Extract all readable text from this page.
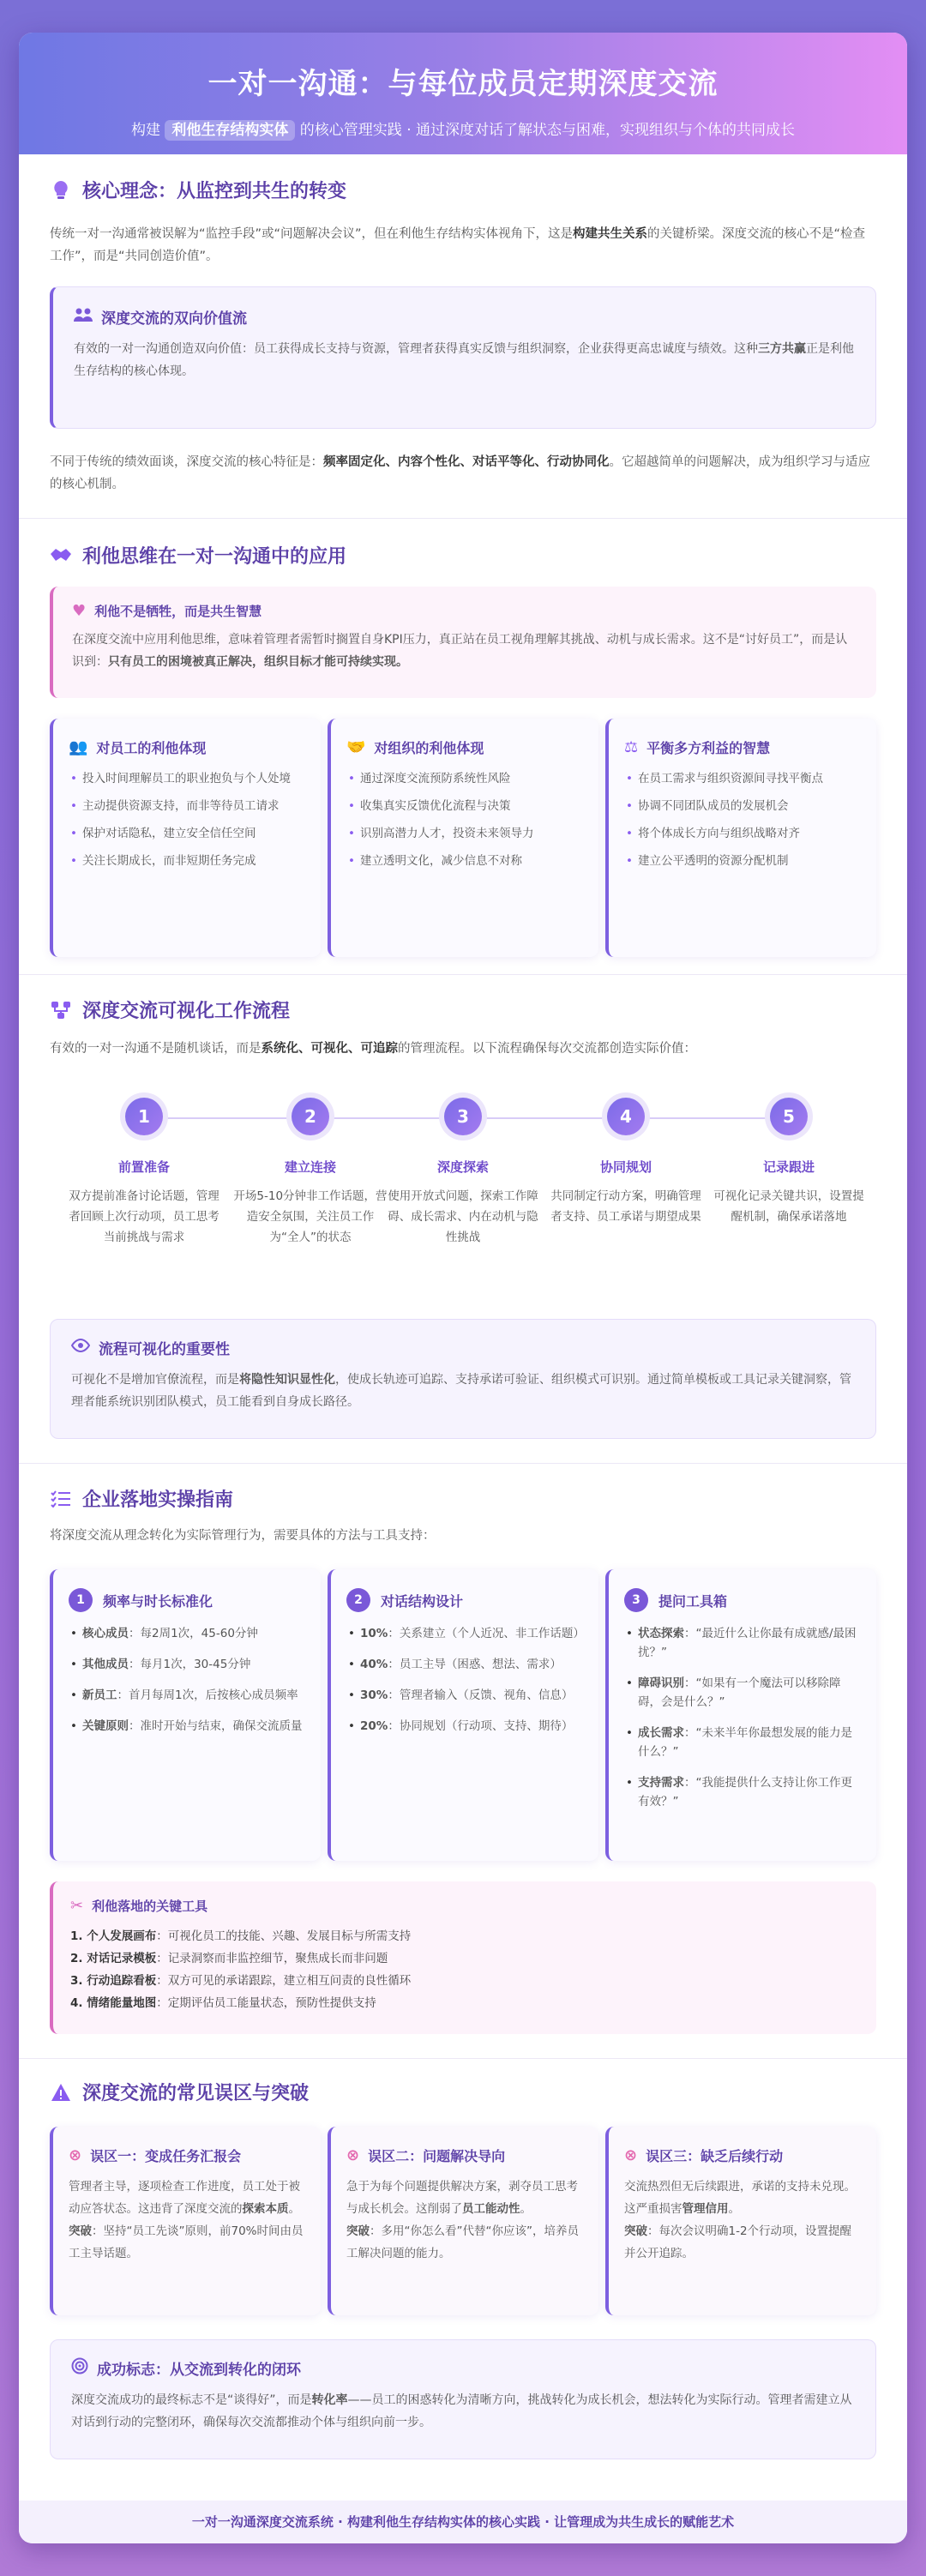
一对一沟通：与每位成员定期深度交流
构建 利他生存结构实体 的核心管理实践 · 通过深度对话了解状态与困难，实现组织与个体的共同成长
核心理念：从监控到共生的转变
传统一对一沟通常被误解为“监控手段”或“问题解决会议”，但在利他生存结构实体视角下，这是构建共生关系的关键桥梁。深度交流的核心不是“检查工作”，而是“共同创造价值”。
深度交流的双向价值流
有效的一对一沟通创造双向价值：员工获得成长支持与资源，管理者获得真实反馈与组织洞察，企业获得更高忠诚度与绩效。这种三方共赢正是利他生存结构的核心体现。
不同于传统的绩效面谈，深度交流的核心特征是：频率固定化、内容个性化、对话平等化、行动协同化。它超越简单的问题解决，成为组织学习与适应的核心机制。
利他思维在一对一沟通中的应用
♥ 利他不是牺牲，而是共生智慧
在深度交流中应用利他思维，意味着管理者需暂时搁置自身KPI压力，真正站在员工视角理解其挑战、动机与成长需求。这不是“讨好员工”，而是认识到：只有员工的困境被真正解决，组织目标才能可持续实现。
👥 对员工的利他体现
• 投入时间理解员工的职业抱负与个人处境
• 主动提供资源支持，而非等待员工请求
• 保护对话隐私，建立安全信任空间
• 关注长期成长，而非短期任务完成
🤝 对组织的利他体现
• 通过深度交流预防系统性风险
• 收集真实反馈优化流程与决策
• 识别高潜力人才，投资未来领导力
• 建立透明文化，减少信息不对称
⚖ 平衡多方利益的智慧
• 在员工需求与组织资源间寻找平衡点
• 协调不同团队成员的发展机会
• 将个体成长方向与组织战略对齐
• 建立公平透明的资源分配机制
深度交流可视化工作流程
有效的一对一沟通不是随机谈话，而是系统化、可视化、可追踪的管理流程。以下流程确保每次交流都创造实际价值：
1
前置准备
双方提前准备讨论话题，管理者回顾上次行动项，员工思考当前挑战与需求
2
建立连接
开场5-10分钟非工作话题，营造安全氛围，关注员工作为“全人”的状态
3
深度探索
使用开放式问题，探索工作障碍、成长需求、内在动机与隐性挑战
4
协同规划
共同制定行动方案，明确管理者支持、员工承诺与期望成果
5
记录跟进
可视化记录关键共识，设置提醒机制，确保承诺落地
流程可视化的重要性
可视化不是增加官僚流程，而是将隐性知识显性化，使成长轨迹可追踪、支持承诺可验证、组织模式可识别。通过简单模板或工具记录关键洞察，管理者能系统识别团队模式，员工能看到自身成长路径。
企业落地实操指南
将深度交流从理念转化为实际管理行为，需要具体的方法与工具支持：
1	频率与时长标准化
• 核心成员：每2周1次，45-60分钟
• 其他成员：每月1次，30-45分钟
• 新员工：首月每周1次，后按核心成员频率
• 关键原则：准时开始与结束，确保交流质量
2	对话结构设计
• 10%：关系建立（个人近况、非工作话题）
• 40%：员工主导（困惑、想法、需求）
• 30%：管理者输入（反馈、视角、信息）
• 20%：协同规划（行动项、支持、期待）
3	提问工具箱
• 状态探索：“最近什么让你最有成就感/最困扰？”
• 障碍识别：“如果有一个魔法可以移除障碍，会是什么？”
• 成长需求：“未来半年你最想发展的能力是什么？”
• 支持需求：“我能提供什么支持让你工作更有效？”
✂ 利他落地的关键工具
1. 个人发展画布：可视化员工的技能、兴趣、发展目标与所需支持
2. 对话记录模板：记录洞察而非监控细节，聚焦成长而非问题
3. 行动追踪看板：双方可见的承诺跟踪，建立相互问责的良性循环
4. 情绪能量地图：定期评估员工能量状态，预防性提供支持
深度交流的常见误区与突破
⊗ 误区一：变成任务汇报会
管理者主导，逐项检查工作进度，员工处于被动应答状态。这违背了深度交流的探索本质。
突破：坚持“员工先谈”原则，前70%时间由员工主导话题。
⊗ 误区二：问题解决导向
急于为每个问题提供解决方案，剥夺员工思考与成长机会。这削弱了员工能动性。
突破：多用“你怎么看”代替“你应该”，培养员工解决问题的能力。
⊗ 误区三：缺乏后续行动
交流热烈但无后续跟进，承诺的支持未兑现。这严重损害管理信用。
突破：每次会议明确1-2个行动项，设置提醒并公开追踪。
成功标志：从交流到转化的闭环
深度交流成功的最终标志不是“谈得好”，而是转化率——员工的困惑转化为清晰方向，挑战转化为成长机会，想法转化为实际行动。管理者需建立从对话到行动的完整闭环，确保每次交流都推动个体与组织向前一步。
一对一沟通深度交流系统 · 构建利他生存结构实体的核心实践 · 让管理成为共生成长的赋能艺术
